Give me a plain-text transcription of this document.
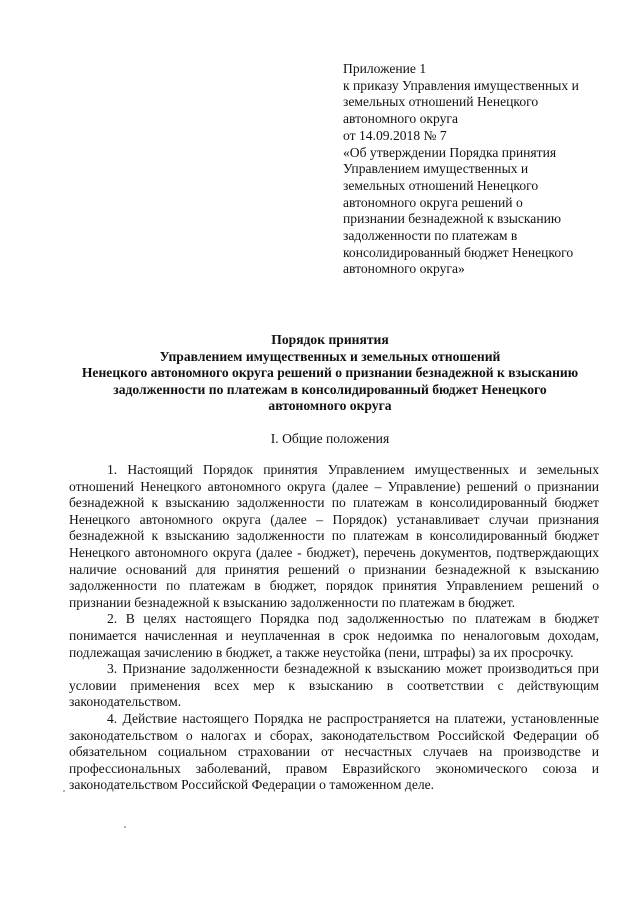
Приложение 1
к приказу Управления имущественных и
земельных отношений Ненецкого
автономного округа
от 14.09.2018 № 7
«Об утверждении Порядка принятия
Управлением имущественных и
земельных отношений Ненецкого
автономного округа решений о
признании безнадежной к взысканию
задолженности по платежам в
консолидированный бюджет Ненецкого
автономного округа»
Порядок принятия
Управлением имущественных и земельных отношений
Ненецкого автономного округа решений о признании безнадежной к взысканию
задолженности по платежам в консолидированный бюджет Ненецкого
автономного округа
I. Общие положения

1. Настоящий Порядок принятия Управлением имущественных и земельных отношений Ненецкого автономного округа (далее – Управление) решений о признании безнадежной к взысканию задолженности по платежам в консолидированный бюджет Ненецкого автономного округа (далее – Порядок) устанавливает случаи признания безнадежной к взысканию задолженности по платежам в консолидированный бюджет Ненецкого автономного округа (далее - бюджет), перечень документов, подтверждающих наличие оснований для принятия решений о признании безнадежной к взысканию задолженности по платежам в бюджет, порядок принятия Управлением решений о признании безнадежной к взысканию задолженности по платежам в бюджет.

2. В целях настоящего Порядка под задолженностью по платежам в бюджет понимается начисленная и неуплаченная в срок недоимка по неналоговым доходам, подлежащая зачислению в бюджет, а также неустойка (пени, штрафы) за их просрочку.

3. Признание задолженности безнадежной к взысканию может производиться при условии применения всех мер к взысканию в соответствии с действующим законодательством.

4. Действие настоящего Порядка не распространяется на платежи, установленные законодательством о налогах и сборах, законодательством Российской Федерации об обязательном социальном страховании от несчастных случаев на производстве и профессиональных заболеваний, правом Евразийского экономического союза и законодательством Российской Федерации о таможенном деле.
